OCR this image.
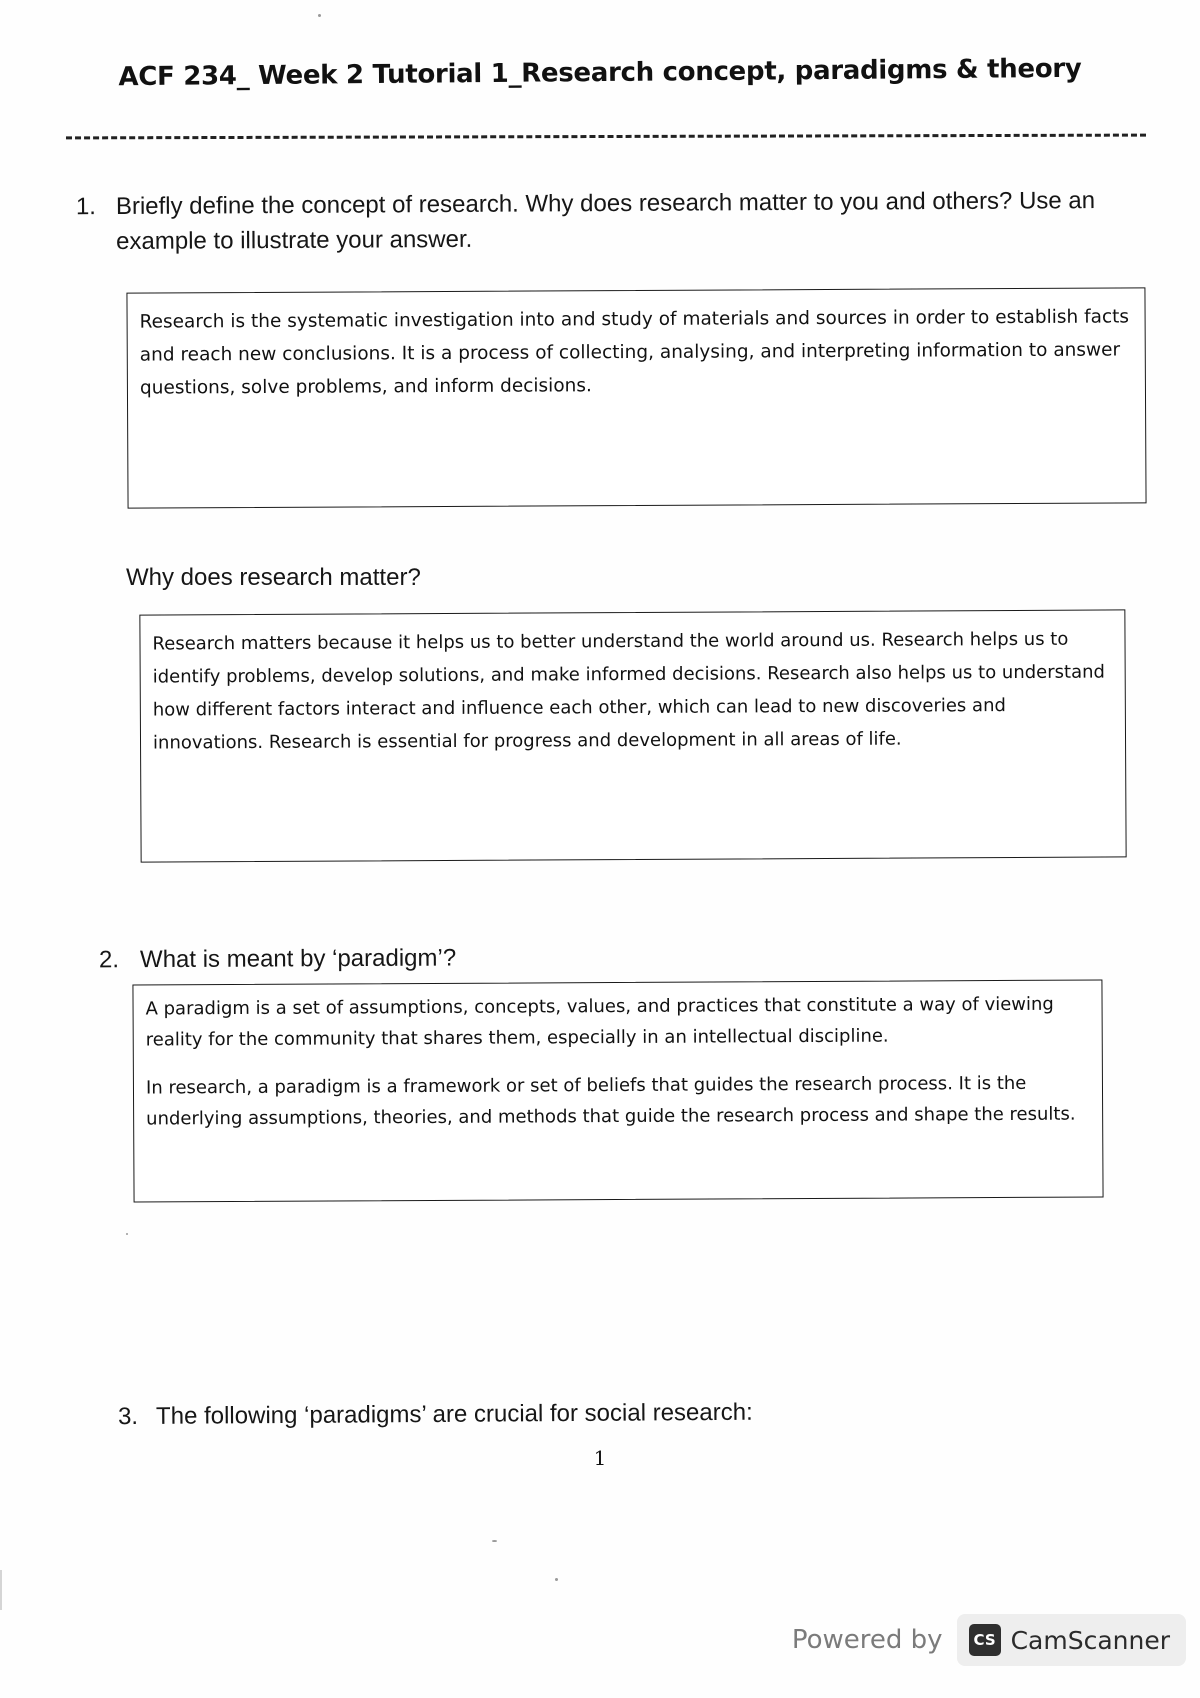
ACF 234_ Week 2 Tutorial 1_Research concept, paradigms & theory
1. Briefly define the concept of research. Why does research matter to you and others? Use an example to illustrate your answer.

Research is the systematic investigation into and study of materials and sources in order to establish facts and reach new conclusions. It is a process of collecting, analysing, and interpreting information to answer questions, solve problems, and inform decisions.

Why does research matter?

Research matters because it helps us to better understand the world around us. Research helps us to identify problems, develop solutions, and make informed decisions. Research also helps us to understand how different factors interact and influence each other, which can lead to new discoveries and innovations. Research is essential for progress and development in all areas of life.

2. What is meant by ‘paradigm’?

A paradigm is a set of assumptions, concepts, values, and practices that constitute a way of viewing reality for the community that shares them, especially in an intellectual discipline.

In research, a paradigm is a framework or set of beliefs that guides the research process. It is the underlying assumptions, theories, and methods that guide the research process and shape the results.

3. The following ‘paradigms’ are crucial for social research:
1
Powered by	CS CamScanner
